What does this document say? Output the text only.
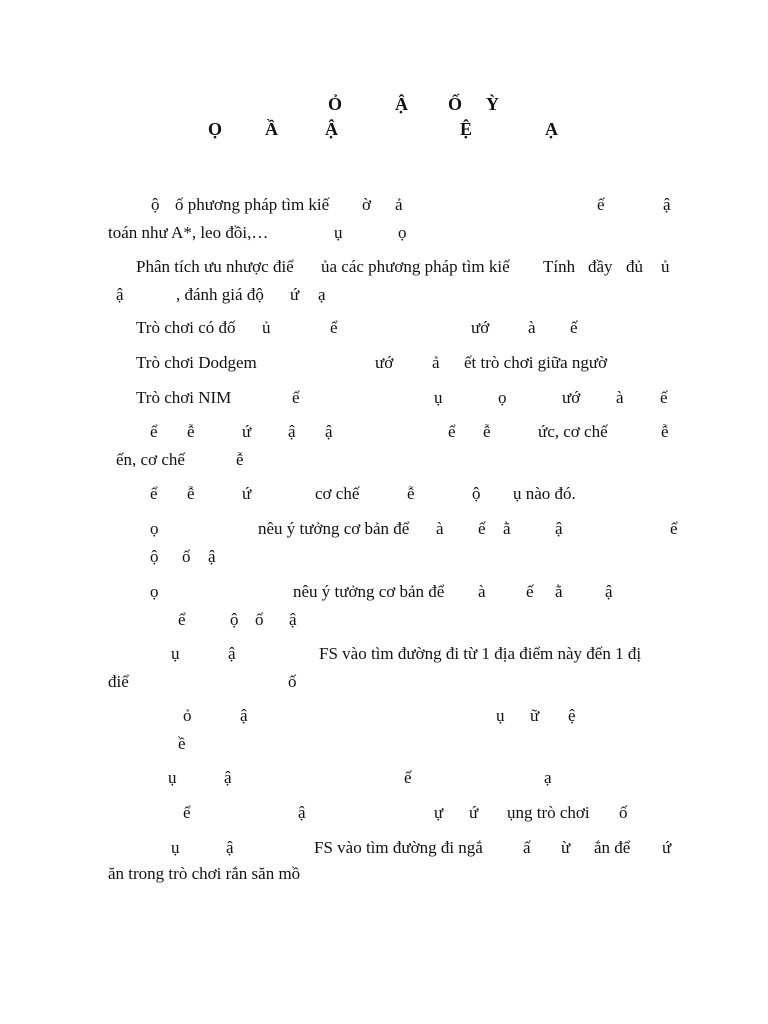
Ỏ	Ậ Ố Ỳ
Ọ Ầ	Ậ	Ệ	Ạ
ộ ố phương pháp tìm kiế ờ ả	ế	ậ
toán như A*, leo đồi,…	ụ	ọ
Phân tích ưu nhược điể ủa các phương pháp tìm kiế Tính đầy đủ ủ
ậ	, đánh giá độ ứ ạ
Trò chơi có đố ủ	ể	ướ à ế
Trò chơi Dodgem	ướ ả ết trò chơi giữa ngườ
Trò chơi NIM	ể	ụ	ọ	ướ à ế
ể ễ	ứ ậ ậ	ể ễ	ức, cơ chế	ễ
ến, cơ chế	ễ
ể ễ	ứ	cơ chế	ễ	ộ ụ nào đó.
ọ	nêu ý tưởng cơ bản để à ế ằ	ậ	ể
ộ ố ậ
ọ	nêu ý tưởng cơ bản để à ế ằ ậ
ể	ộ ố ậ
ụ	ậ	FS vào tìm đường đi từ 1 địa điểm này đến 1 đị
điể	ố
ỏ	ậ	ụ ữ ệ
ề
ụ	ậ	ế	ạ
ể	ậ	ự ứ ụng trò chơi ố
ụ	ậ	FS vào tìm đường đi ngắ ấ ừ ắn để ứ
ăn trong trò chơi rắn săn mồ
